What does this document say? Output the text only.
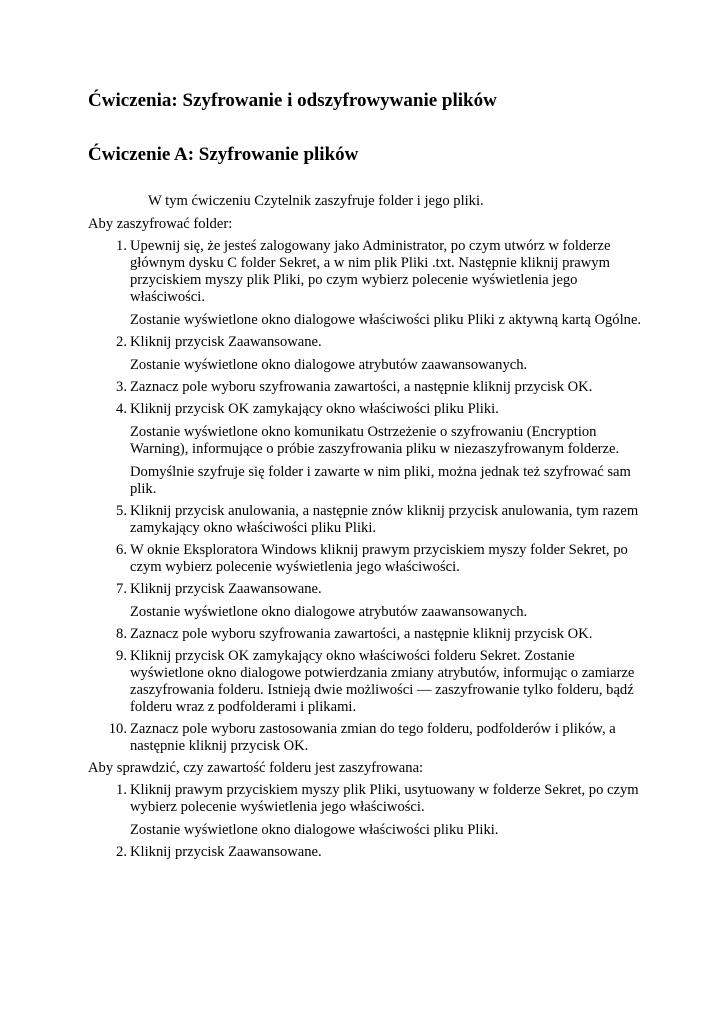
Ćwiczenia: Szyfrowanie i odszyfrowywanie plików
Ćwiczenie A: Szyfrowanie plików

W tym ćwiczeniu Czytelnik zaszyfruje folder i jego pliki.

Aby zaszyfrować folder:

1. Upewnij się, że jesteś zalogowany jako Administrator, po czym utwórz w folderze głównym dysku C folder Sekret, a w nim plik Pliki .txt. Następnie kliknij prawym przyciskiem myszy plik Pliki, po czym wybierz polecenie wyświetlenia jego właściwości.
Zostanie wyświetlone okno dialogowe właściwości pliku Pliki z aktywną kartą Ogólne.
2. Kliknij przycisk Zaawansowane.
Zostanie wyświetlone okno dialogowe atrybutów zaawansowanych.
3. Zaznacz pole wyboru szyfrowania zawartości, a następnie kliknij przycisk OK.
4. Kliknij przycisk OK zamykający okno właściwości pliku Pliki.
Zostanie wyświetlone okno komunikatu Ostrzeżenie o szyfrowaniu (Encryption Warning), informujące o próbie zaszyfrowania pliku w niezaszyfrowanym folderze.
Domyślnie szyfruje się folder i zawarte w nim pliki, można jednak też szyfrować sam plik.
5. Kliknij przycisk anulowania, a następnie znów kliknij przycisk anulowania, tym razem zamykający okno właściwości pliku Pliki.
6. W oknie Eksploratora Windows kliknij prawym przyciskiem myszy folder Sekret, po czym wybierz polecenie wyświetlenia jego właściwości.
7. Kliknij przycisk Zaawansowane.
Zostanie wyświetlone okno dialogowe atrybutów zaawansowanych.
8. Zaznacz pole wyboru szyfrowania zawartości, a następnie kliknij przycisk OK.
9. Kliknij przycisk OK zamykający okno właściwości folderu Sekret. Zostanie wyświetlone okno dialogowe potwierdzania zmiany atrybutów, informując o zamiarze zaszyfrowania folderu. Istnieją dwie możliwości — zaszyfrowanie tylko folderu, bądź folderu wraz z podfolderami i plikami.
10. Zaznacz pole wyboru zastosowania zmian do tego folderu, podfolderów i plików, a następnie kliknij przycisk OK.

Aby sprawdzić, czy zawartość folderu jest zaszyfrowana:

1. Kliknij prawym przyciskiem myszy plik Pliki, usytuowany w folderze Sekret, po czym wybierz polecenie wyświetlenia jego właściwości.
Zostanie wyświetlone okno dialogowe właściwości pliku Pliki.
2. Kliknij przycisk Zaawansowane.
